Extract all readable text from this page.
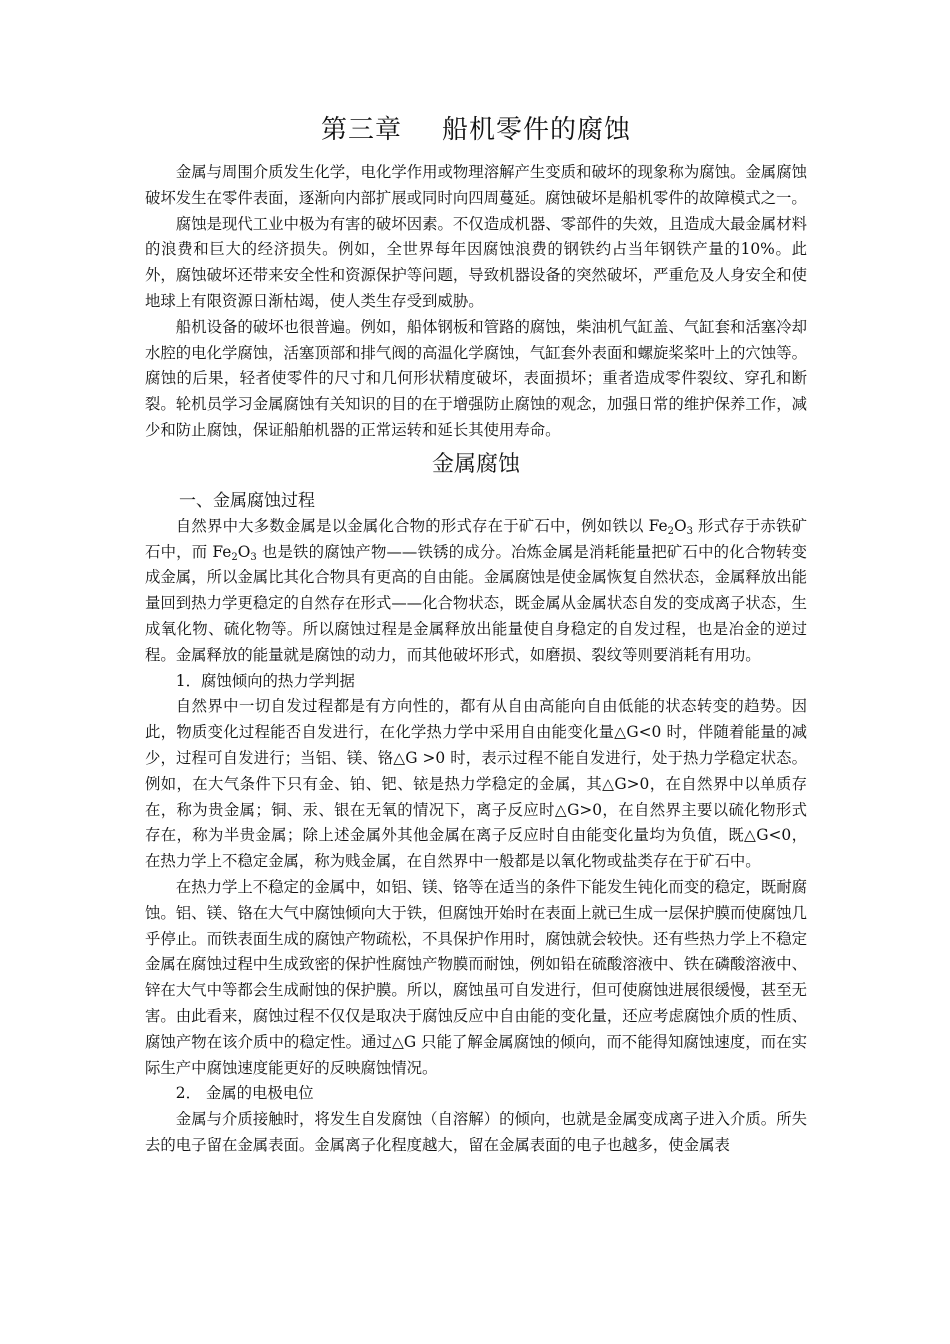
第三章 船机零件的腐蚀

金属与周围介质发生化学，电化学作用或物理溶解产生变质和破坏的现象称为腐蚀。金属腐蚀破坏发生在零件表面，逐渐向内部扩展或同时向四周蔓延。腐蚀破坏是船机零件的故障模式之一。

腐蚀是现代工业中极为有害的破坏因素。不仅造成机器、零部件的失效，且造成大最金属材料的浪费和巨大的经济损失。例如，全世界每年因腐蚀浪费的钢铁约占当年钢铁产量的10%。此外，腐蚀破坏还带来安全性和资源保护等问题，导致机器设备的突然破坏，严重危及人身安全和使地球上有限资源日渐枯竭，使人类生存受到威胁。

船机设备的破坏也很普遍。例如，船体钢板和管路的腐蚀，柴油机气缸盖、气缸套和活塞冷却水腔的电化学腐蚀，活塞顶部和排气阀的高温化学腐蚀，气缸套外表面和螺旋桨桨叶上的穴蚀等。腐蚀的后果，轻者使零件的尺寸和几何形状精度破坏，表面损坏；重者造成零件裂纹、穿孔和断裂。轮机员学习金属腐蚀有关知识的目的在于增强防止腐蚀的观念，加强日常的维护保养工作，减少和防止腐蚀，保证船舶机器的正常运转和延长其使用寿命。

金属腐蚀
一、金属腐蚀过程

自然界中大多数金属是以金属化合物的形式存在于矿石中，例如铁以 $Fe_2O_3$ 形式存于赤铁矿石中，而 $Fe_2O_3$ 也是铁的腐蚀产物——铁锈的成分。冶炼金属是消耗能量把矿石中的化合物转变成金属，所以金属比其化合物具有更高的自由能。金属腐蚀是使金属恢复自然状态，金属释放出能量回到热力学更稳定的自然存在形式——化合物状态，既金属从金属状态自发的变成离子状态，生成氧化物、硫化物等。所以腐蚀过程是金属释放出能量使自身稳定的自发过程，也是冶金的逆过程。金属释放的能量就是腐蚀的动力，而其他破坏形式，如磨损、裂纹等则要消耗有用功。

1．腐蚀倾向的热力学判据

自然界中一切自发过程都是有方向性的，都有从自由高能向自由低能的状态转变的趋势。因此，物质变化过程能否自发进行，在化学热力学中采用自由能变化量△G<0 时，伴随着能量的减少，过程可自发进行；当铝、镁、铬△G >0 时，表示过程不能自发进行，处于热力学稳定状态。例如，在大气条件下只有金、铂、钯、铱是热力学稳定的金属，其△G>0，在自然界中以单质存在，称为贵金属；铜、汞、银在无氧的情况下，离子反应时△G>0，在自然界主要以硫化物形式存在，称为半贵金属；除上述金属外其他金属在离子反应时自由能变化量均为负值，既△G<0，在热力学上不稳定金属，称为贱金属，在自然界中一般都是以氧化物或盐类存在于矿石中。

在热力学上不稳定的金属中，如铝、镁、铬等在适当的条件下能发生钝化而变的稳定，既耐腐蚀。铝、镁、铬在大气中腐蚀倾向大于铁，但腐蚀开始时在表面上就已生成一层保护膜而使腐蚀几乎停止。而铁表面生成的腐蚀产物疏松，不具保护作用时，腐蚀就会较快。还有些热力学上不稳定金属在腐蚀过程中生成致密的保护性腐蚀产物膜而耐蚀，例如铅在硫酸溶液中、铁在磷酸溶液中、锌在大气中等都会生成耐蚀的保护膜。所以，腐蚀虽可自发进行，但可使腐蚀进展很缓慢，甚至无害。由此看来，腐蚀过程不仅仅是取决于腐蚀反应中自由能的变化量，还应考虑腐蚀介质的性质、腐蚀产物在该介质中的稳定性。通过△G 只能了解金属腐蚀的倾向，而不能得知腐蚀速度，而在实际生产中腐蚀速度能更好的反映腐蚀情况。

2． 金属的电极电位

金属与介质接触时，将发生自发腐蚀（自溶解）的倾向，也就是金属变成离子进入介质。所失去的电子留在金属表面。金属离子化程度越大，留在金属表面的电子也越多，使金属表
